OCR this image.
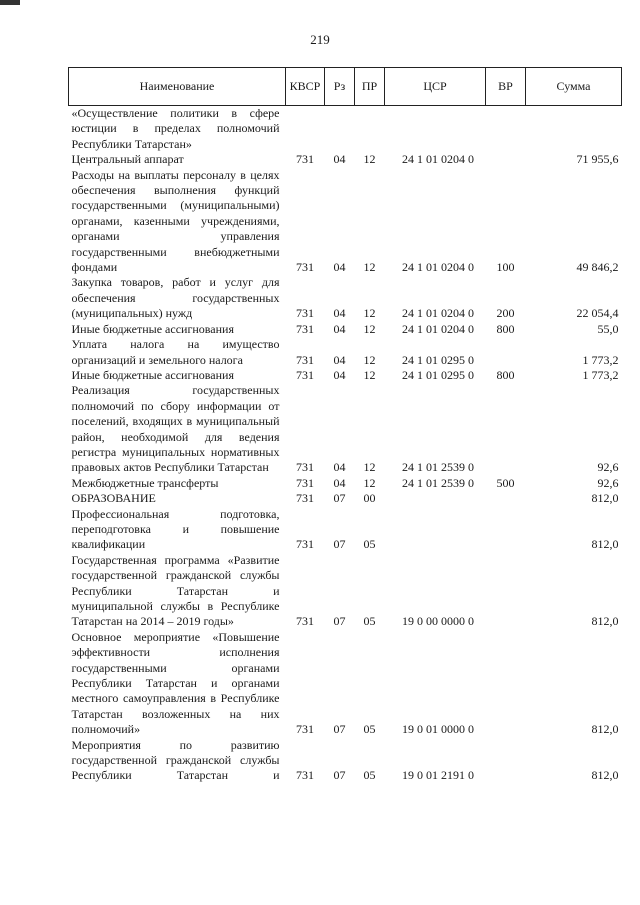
219
Наименование	КВСР	Рз	ПР	ЦСР	ВР	Сумма
«Осуществление политики в сфере юстиции в пределах полномочий Республики Татарстан»						
Центральный аппарат	731	04	12	24 1 01 0204 0		71 955,6
Расходы на выплаты персоналу в целях обеспечения выполнения функций государственными (муниципальными) органами, казенными учреждениями, органами управления государственными внебюджетными фондами	731	04	12	24 1 01 0204 0	100	49 846,2
Закупка товаров, работ и услуг для обеспечения государственных (муниципальных) нужд	731	04	12	24 1 01 0204 0	200	22 054,4
Иные бюджетные ассигнования	731	04	12	24 1 01 0204 0	800	55,0
Уплата налога на имущество организаций и земельного налога	731	04	12	24 1 01 0295 0		1 773,2
Иные бюджетные ассигнования	731	04	12	24 1 01 0295 0	800	1 773,2
Реализация государственных полномочий по сбору информации от поселений, входящих в муниципальный район, необходимой для ведения регистра муниципальных нормативных правовых актов Республики Татарстан	731	04	12	24 1 01 2539 0		92,6
Межбюджетные трансферты	731	04	12	24 1 01 2539 0	500	92,6
ОБРАЗОВАНИЕ	731	07	00			812,0
Профессиональная подготовка, переподготовка и повышение квалификации	731	07	05			812,0
Государственная программа «Развитие государственной гражданской службы Республики Татарстан и муниципальной службы в Республике Татарстан на 2014 – 2019 годы»	731	07	05	19 0 00 0000 0		812,0
Основное мероприятие «Повышение эффективности исполнения государственными органами Республики Татарстан и органами местного самоуправления в Республике Татарстан возложенных на них полномочий»	731	07	05	19 0 01 0000 0		812,0
Мероприятия по развитию государственной гражданской службы Республики Татарстан и	731	07	05	19 0 01 2191 0		812,0
